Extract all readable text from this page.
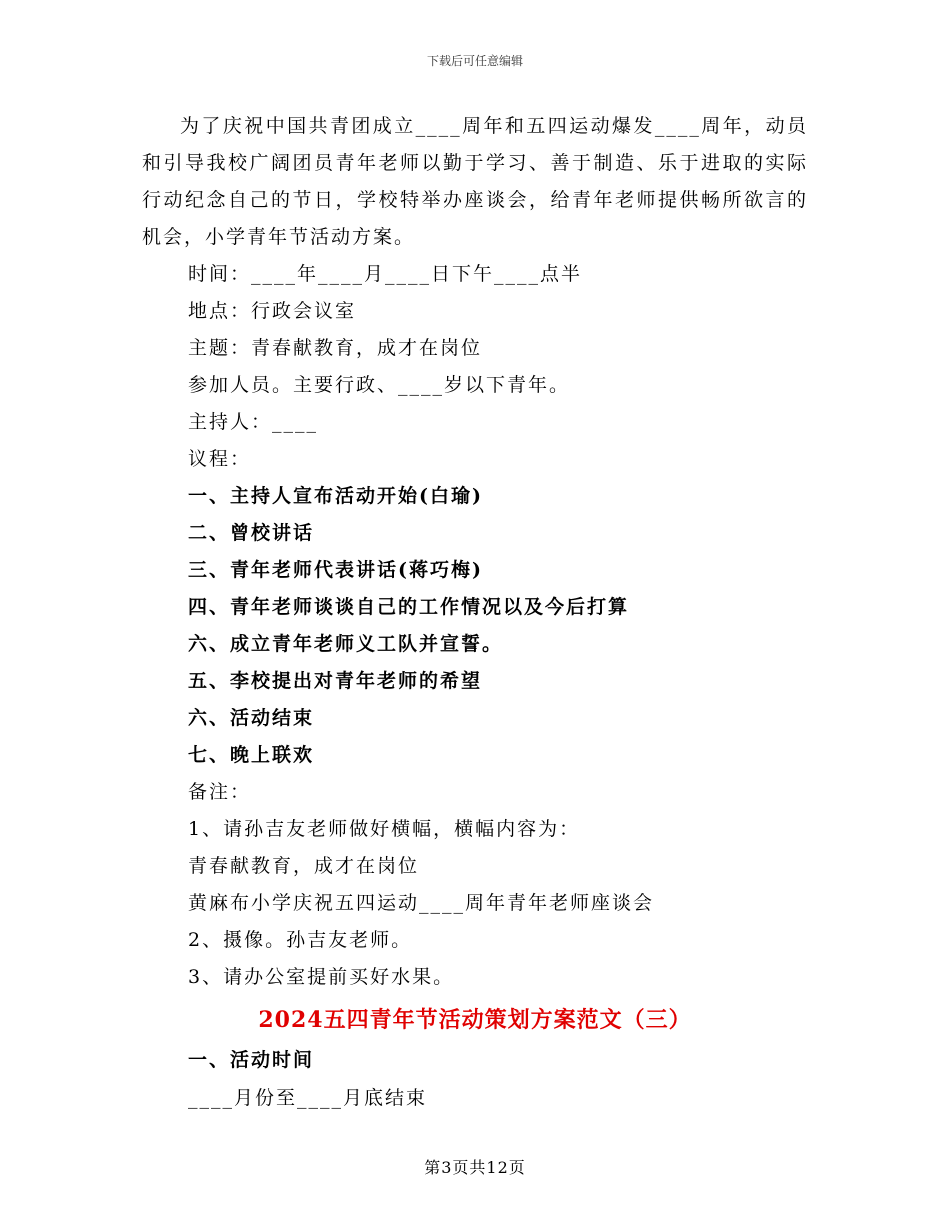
下载后可任意编辑

为了庆祝中国共青团成立____周年和五四运动爆发____周年，动员和引导我校广阔团员青年老师以勤于学习、善于制造、乐于进取的实际行动纪念自己的节日，学校特举办座谈会，给青年老师提供畅所欲言的机会，小学青年节活动方案。

时间：____年____月____日下午____点半

地点：行政会议室

主题：青春献教育，成才在岗位

参加人员。主要行政、____岁以下青年。

主持人：____

议程：

一、主持人宣布活动开始(白瑜)

二、曾校讲话

三、青年老师代表讲话(蒋巧梅)

四、青年老师谈谈自己的工作情况以及今后打算

六、成立青年老师义工队并宣誓。

五、李校提出对青年老师的希望

六、活动结束

七、晚上联欢

备注：

1、请孙吉友老师做好横幅，横幅内容为：

青春献教育，成才在岗位

黄麻布小学庆祝五四运动____周年青年老师座谈会

2、摄像。孙吉友老师。

3、请办公室提前买好水果。

2024五四青年节活动策划方案范文（三）

一、活动时间

____月份至____月底结束

第3页共12页
